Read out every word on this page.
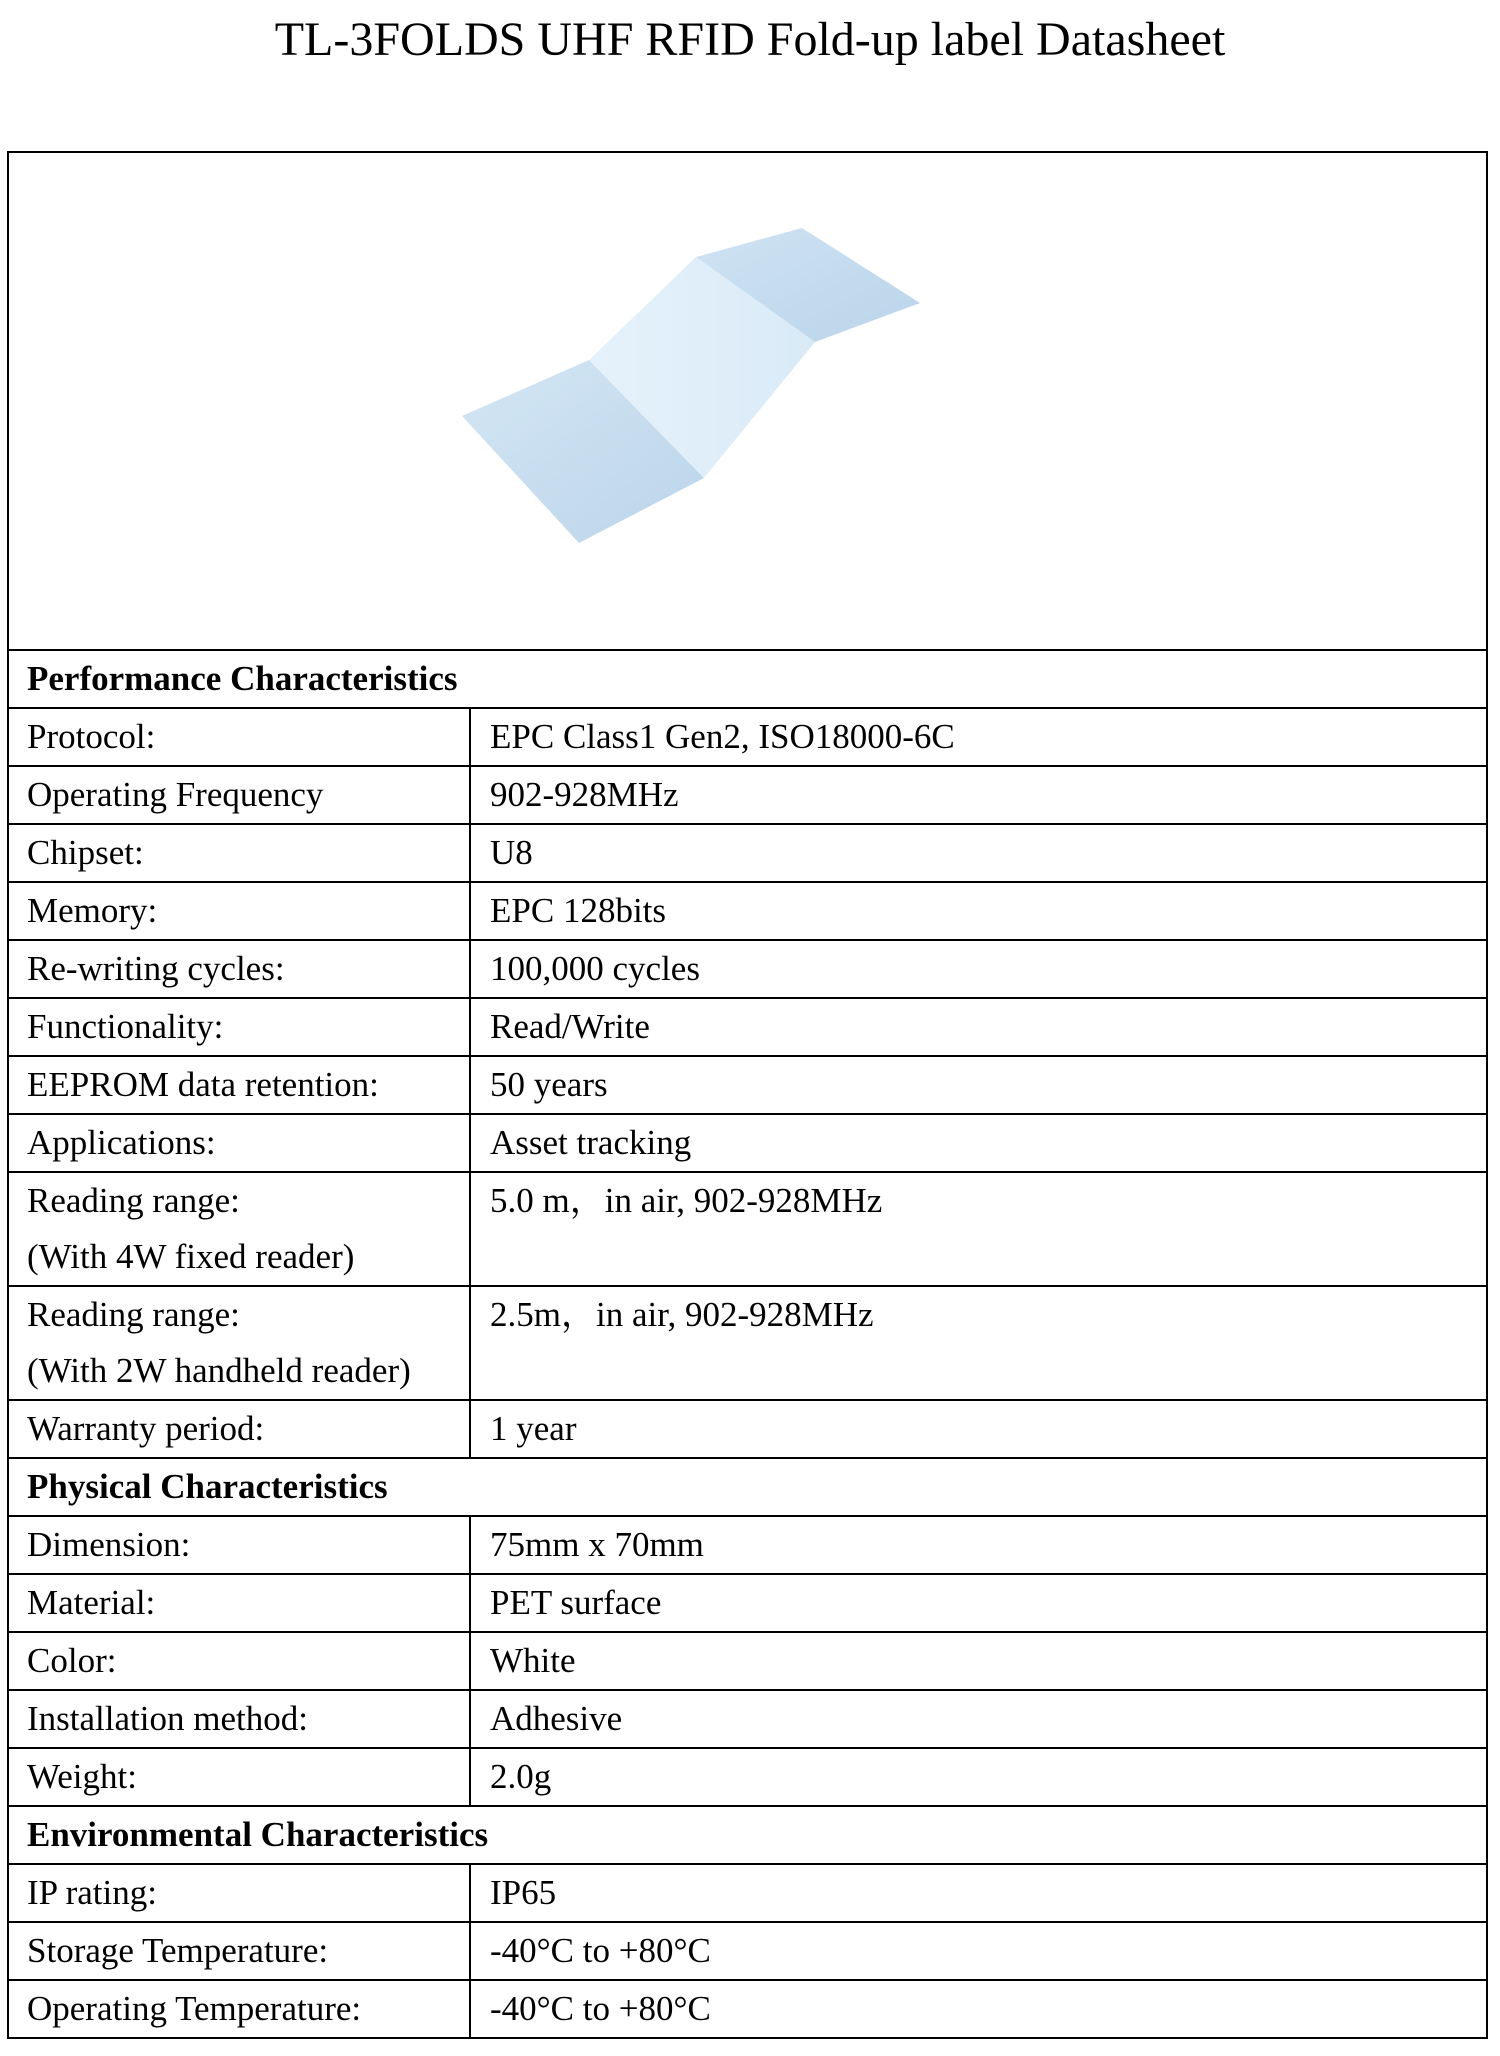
TL-3FOLDS UHF RFID Fold-up label Datasheet

Performance Characteristics	
Protocol:	EPC Class1 Gen2, ISO18000-6C
Operating Frequency	902-928MHz
Chipset:	U8
Memory:	EPC 128bits
Re-writing cycles:	100,000 cycles
Functionality:	Read/Write
EEPROM data retention:	50 years
Applications:	Asset tracking

Reading range:
(With 4W fixed reader)	5.0 m，in air, 902-928MHz

Reading range:
(With 2W handheld reader)	2.5m，in air, 902-928MHz
Warranty period:	1 year
Physical Characteristics	
Dimension:	75mm x 70mm
Material:	PET surface
Color:	White
Installation method:	Adhesive
Weight:	2.0g
Environmental Characteristics	
IP rating:	IP65
Storage Temperature:	-40°C to +80°C
Operating Temperature:	-40°C to +80°C
